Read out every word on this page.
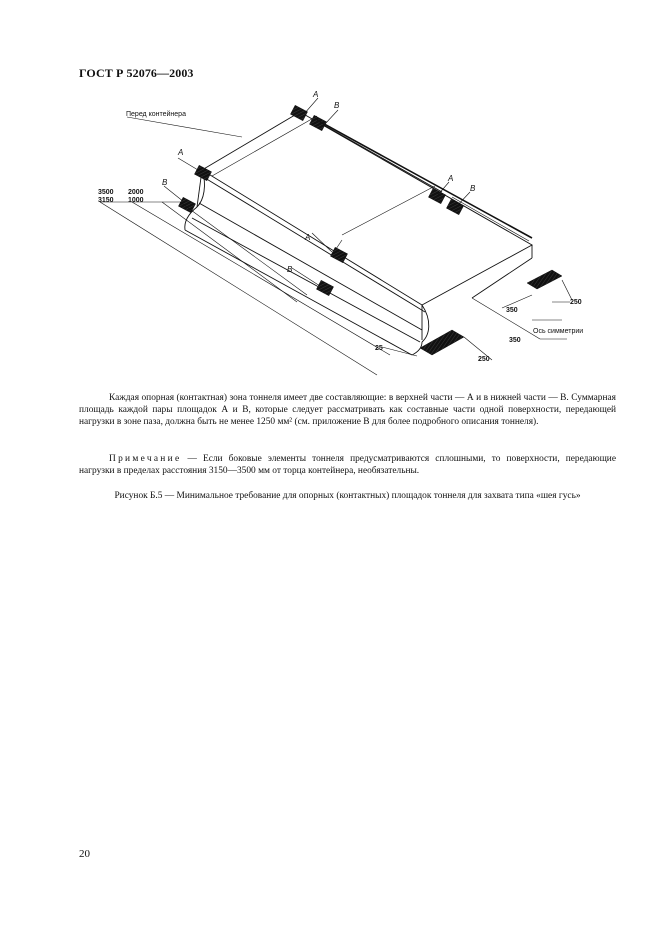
ГОСТ Р 52076—2003
Перед контейнера
А
В
А
В	А
В
А
В
3500
3150
2000
1000
25
250
350
350
250
Ось симметрии
Каждая опорная (контактная) зона тоннеля имеет две составляющие: в верхней части — А и в нижней части — В. Суммарная площадь каждой пары площадок А и В, которые следует рассматривать как составные части одной поверхности, передающей нагрузки в зоне паза, должна быть не менее 1250 мм² (см. приложение В для более подробного описания тоннеля).
Примечание — Если боковые элементы тоннеля предусматриваются сплошными, то поверхности, передающие нагрузки в пределах расстояния 3150—3500 мм от торца контейнера, необязательны.
Рисунок Б.5 — Минимальное требование для опорных (контактных) площадок тоннеля для захвата типа «шея гусь»
20
